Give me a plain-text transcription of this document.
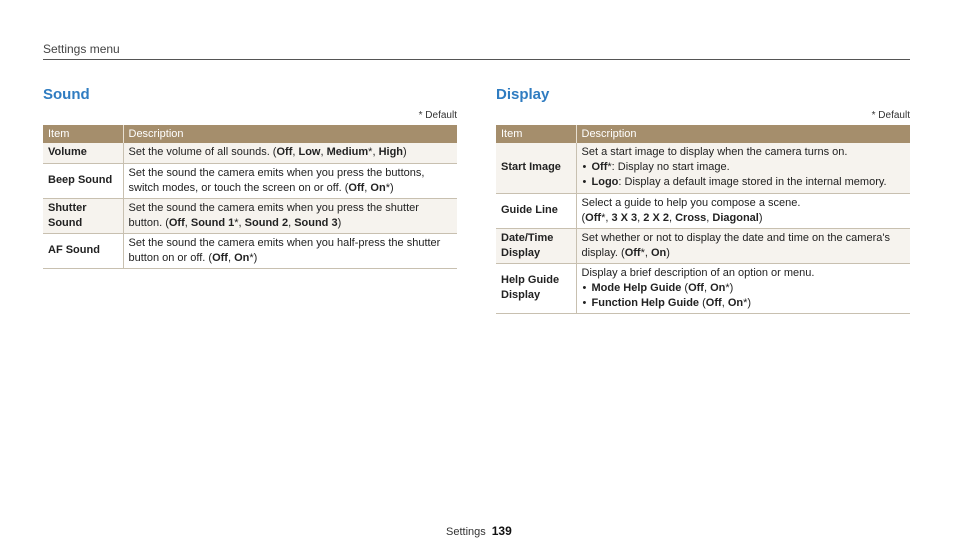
Settings menu
Sound
* Default
Item	Description
Volume	Set the volume of all sounds. (Off, Low, Medium*, High)
Beep Sound	Set the sound the camera emits when you press the buttons, switch modes, or touch the screen on or off. (Off, On*)
Shutter Sound	Set the sound the camera emits when you press the shutter button. (Off, Sound 1*, Sound 2, Sound 3)
AF Sound	Set the sound the camera emits when you half-press the shutter button on or off. (Off, On*)
Display
* Default
Item	Description
Start Image	Set a start image to display when the camera turns on.
• Off*: Display no start image.
• Logo: Display a default image stored in the internal memory.

Guide Line	Select a guide to help you compose a scene.
(Off*, 3 X 3, 2 X 2, Cross, Diagonal)

Date/Time Display	Set whether or not to display the date and time on the camera's display. (Off*, On)
Help Guide Display	Display a brief description of an option or menu.
• Mode Help Guide (Off, On*)
• Function Help Guide (Off, On*)
Settings 139
